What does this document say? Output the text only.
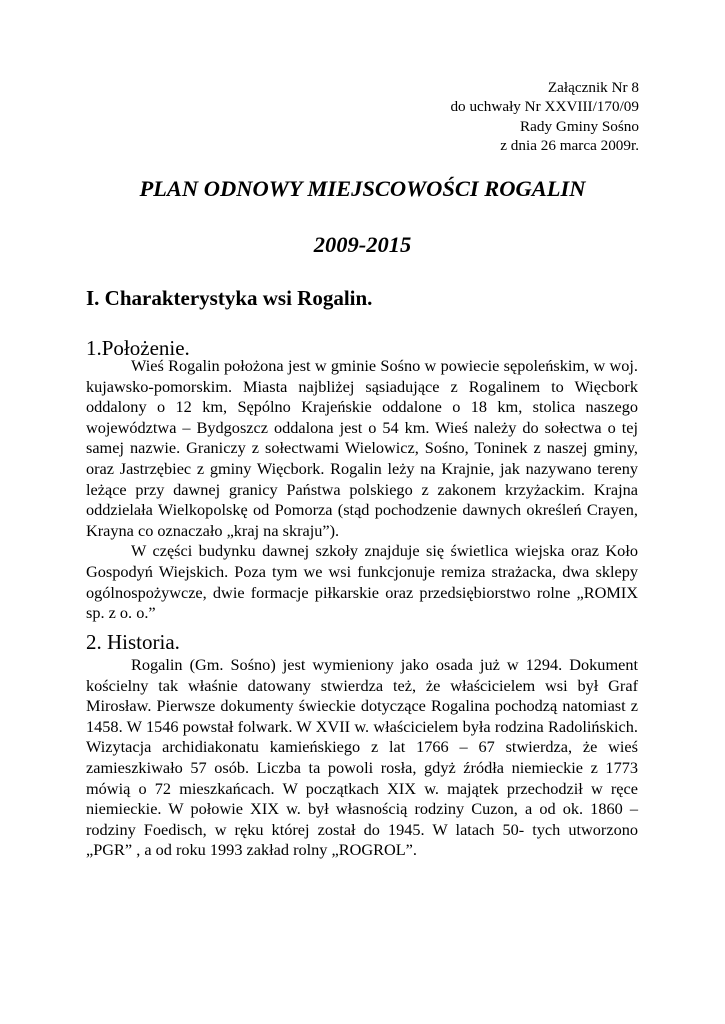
Załącznik Nr 8
do uchwały Nr XXVIII/170/09
Rady Gminy Sośno
z dnia 26 marca 2009r.
PLAN ODNOWY MIEJSCOWOŚCI ROGALIN
2009-2015
I. Charakterystyka wsi Rogalin.
1.Położenie.

Wieś Rogalin położona jest w gminie Sośno w powiecie sępoleńskim, w woj. kujawsko-pomorskim. Miasta najbliżej sąsiadujące z Rogalinem to Więcbork oddalony o 12 km, Sępólno Krajeńskie oddalone o 18 km, stolica naszego województwa – Bydgoszcz oddalona jest o 54 km. Wieś należy do sołectwa o tej samej nazwie. Graniczy z sołectwami Wielowicz, Sośno, Toninek z naszej gminy, oraz Jastrzębiec z gminy Więcbork. Rogalin leży na Krajnie, jak nazywano tereny leżące przy dawnej granicy Państwa polskiego z zakonem krzyżackim. Krajna oddzielała Wielkopolskę od Pomorza (stąd pochodzenie dawnych określeń Crayen, Krayna co oznaczało „kraj na skraju”).

W części budynku dawnej szkoły znajduje się świetlica wiejska oraz Koło Gospodyń Wiejskich. Poza tym we wsi funkcjonuje remiza strażacka, dwa sklepy ogólnospożywcze, dwie formacje piłkarskie oraz przedsiębiorstwo rolne „ROMIX sp. z o. o.”

2. Historia.

Rogalin (Gm. Sośno) jest wymieniony jako osada już w 1294. Dokument kościelny tak właśnie datowany stwierdza też, że właścicielem wsi był Graf Mirosław. Pierwsze dokumenty świeckie dotyczące Rogalina pochodzą natomiast z 1458. W 1546 powstał folwark. W XVII w. właścicielem była rodzina Radolińskich. Wizytacja archidiakonatu kamieńskiego z lat 1766 – 67 stwierdza, że wieś zamieszkiwało 57 osób. Liczba ta powoli rosła, gdyż źródła niemieckie z 1773 mówią o 72 mieszkańcach. W początkach XIX w. majątek przechodził w ręce niemieckie. W połowie XIX w. był własnością rodziny Cuzon, a od ok. 1860 – rodziny Foedisch, w ręku której został do 1945. W latach 50- tych utworzono „PGR” , a od roku 1993 zakład rolny „ROGROL”.
